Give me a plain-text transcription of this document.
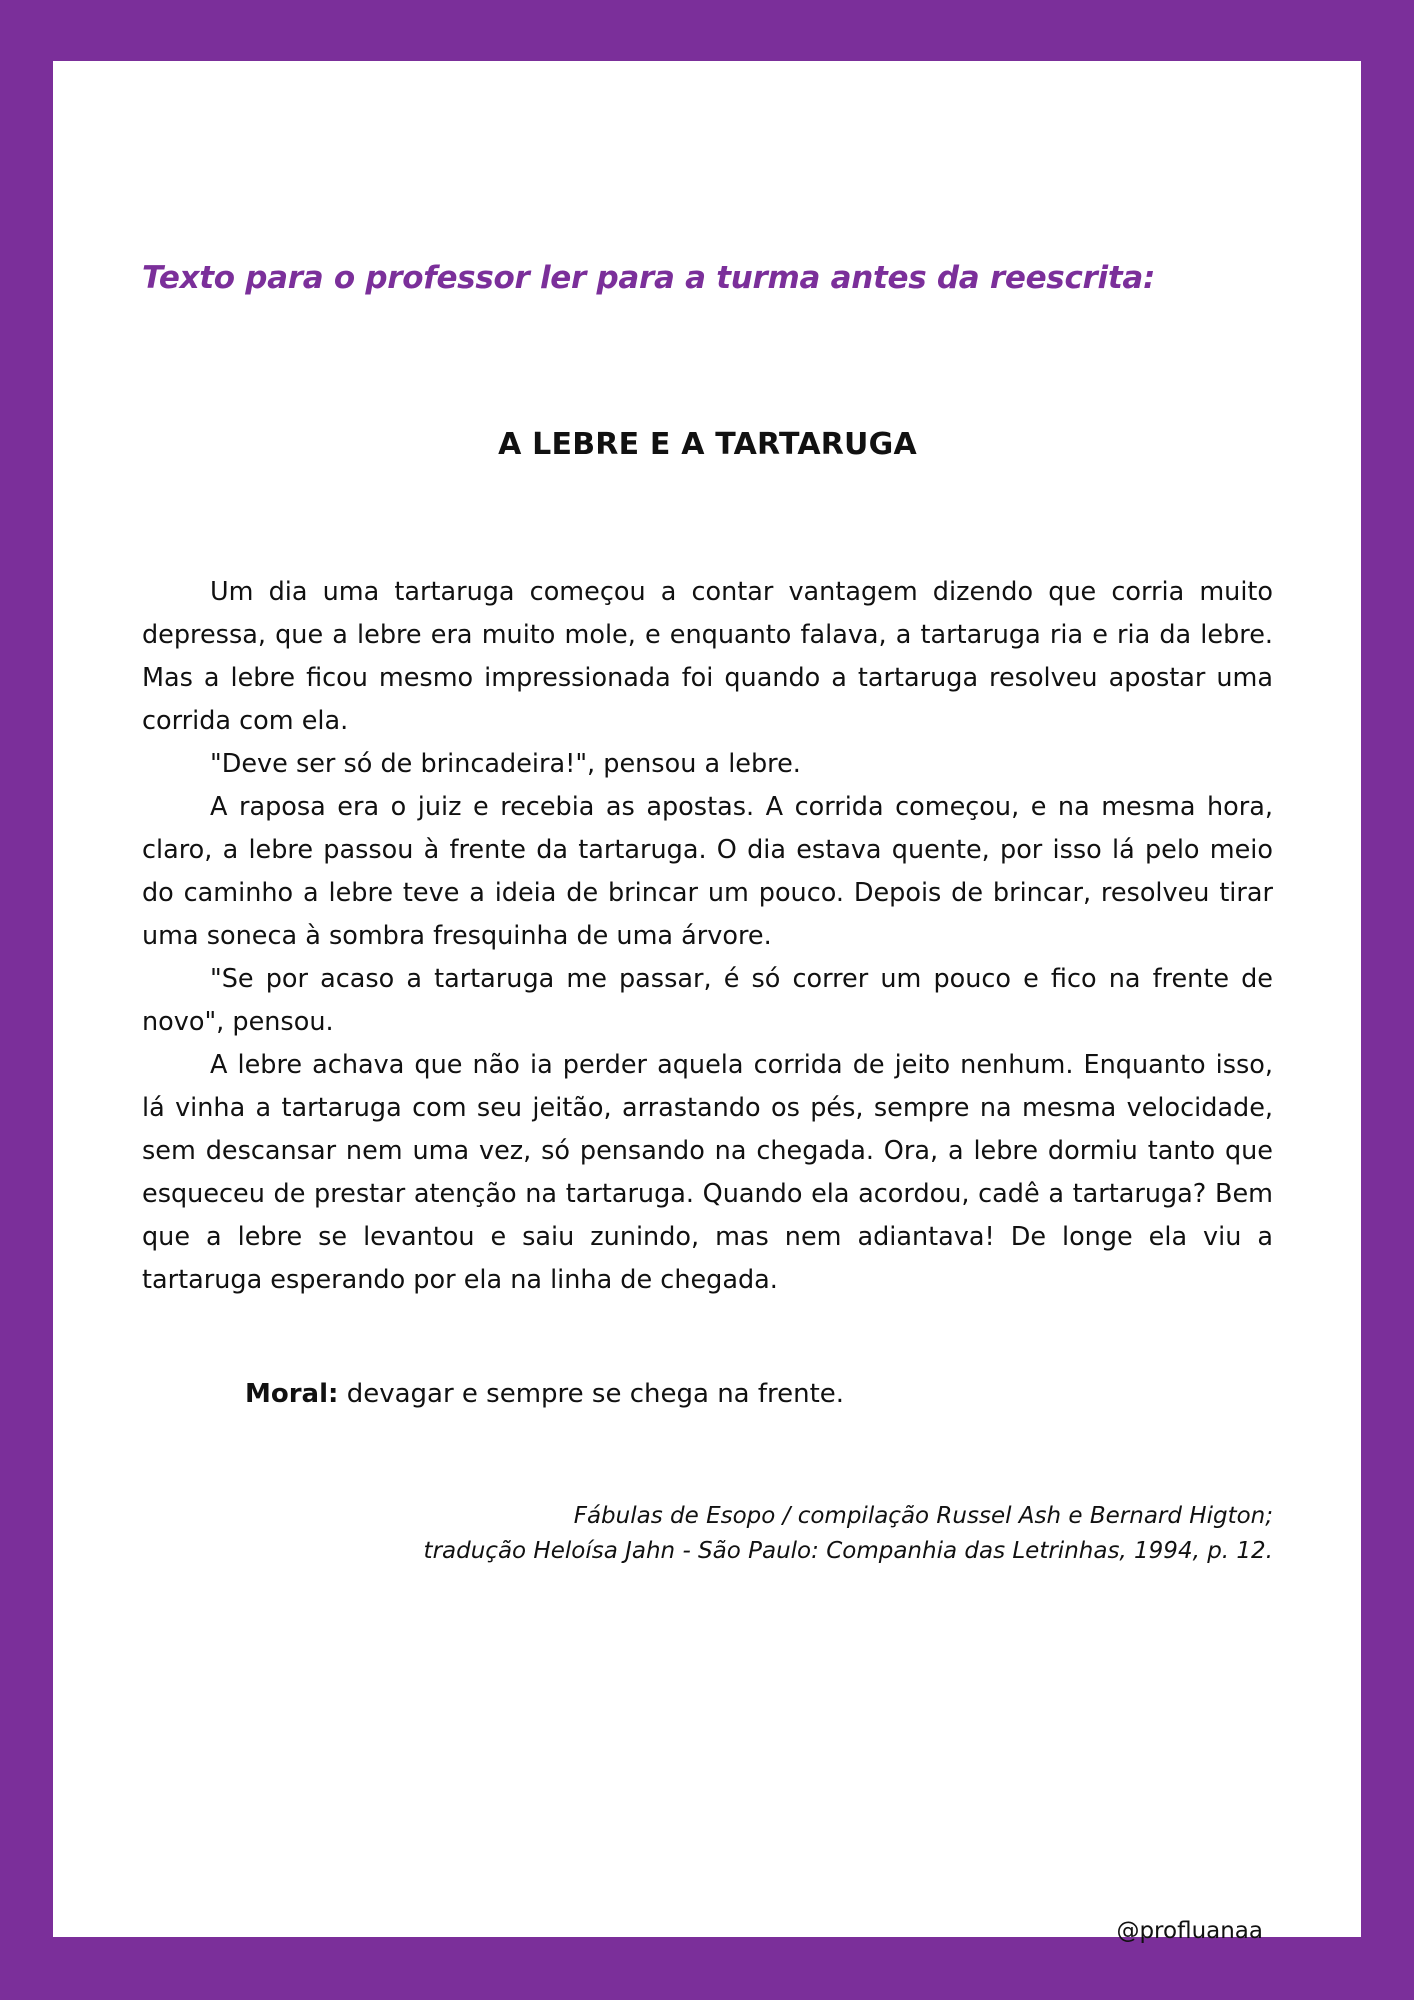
Texto para o professor ler para a turma antes da reescrita:
A LEBRE E A TARTARUGA

Um dia uma tartaruga começou a contar vantagem dizendo que corria muito depressa, que a lebre era muito mole, e enquanto falava, a tartaruga ria e ria da lebre. Mas a lebre ficou mesmo impressionada foi quando a tartaruga resolveu apostar uma corrida com ela.

"Deve ser só de brincadeira!", pensou a lebre.

A raposa era o juiz e recebia as apostas. A corrida começou, e na mesma hora, claro, a lebre passou à frente da tartaruga. O dia estava quente, por isso lá pelo meio do caminho a lebre teve a ideia de brincar um pouco. Depois de brincar, resolveu tirar uma soneca à sombra fresquinha de uma árvore.

"Se por acaso a tartaruga me passar, é só correr um pouco e fico na frente de novo", pensou.

A lebre achava que não ia perder aquela corrida de jeito nenhum. Enquanto isso, lá vinha a tartaruga com seu jeitão, arrastando os pés, sempre na mesma velocidade, sem descansar nem uma vez, só pensando na chegada. Ora, a lebre dormiu tanto que esqueceu de prestar atenção na tartaruga. Quando ela acordou, cadê a tartaruga? Bem que a lebre se levantou e saiu zunindo, mas nem adiantava! De longe ela viu a tartaruga esperando por ela na linha de chegada.

Moral: devagar e sempre se chega na frente.

Fábulas de Esopo / compilação Russel Ash e Bernard Higton;
tradução Heloísa Jahn - São Paulo: Companhia das Letrinhas, 1994, p. 12.

@profluanaa
